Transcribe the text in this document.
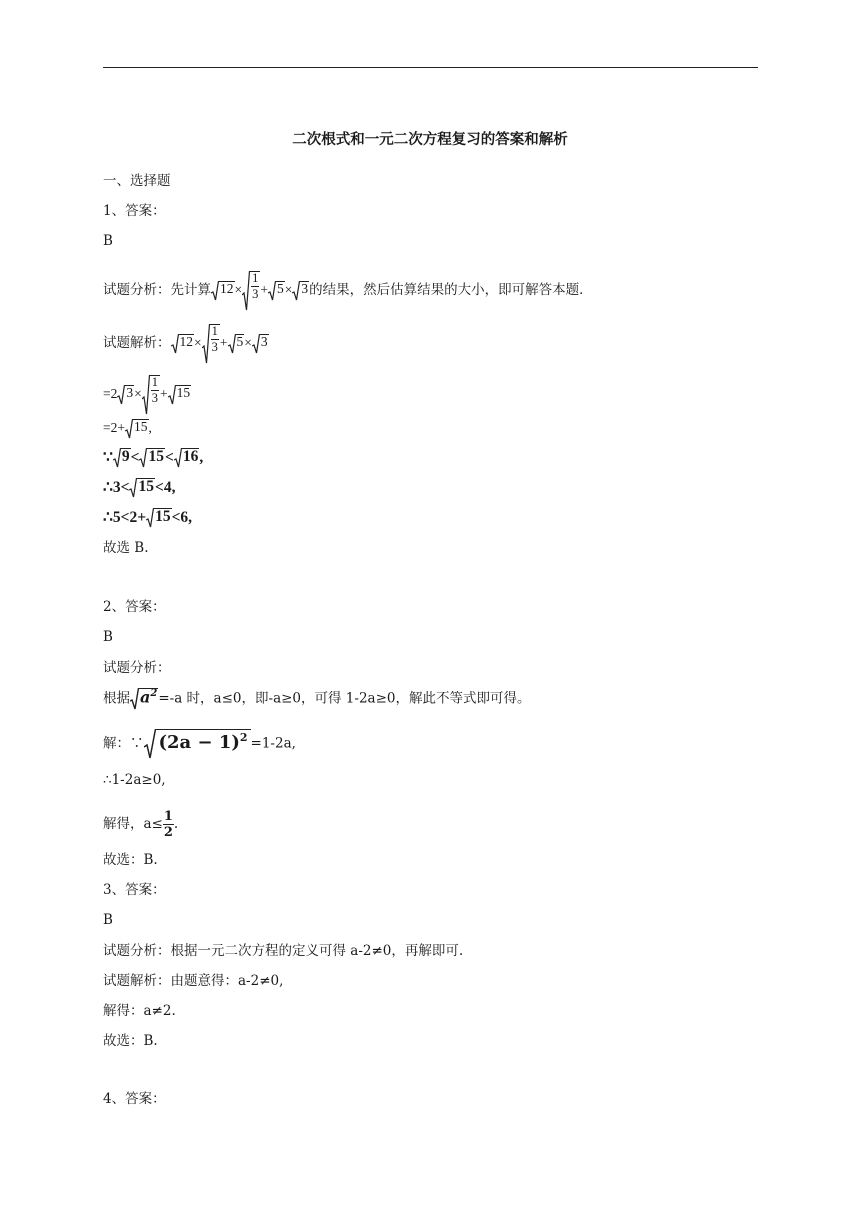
二次根式和一元二次方程复习的答案和解析
一、选择题
1、答案：
B
试题分析：先计算 $12 \times \frac{1}{3} + 5 \times 3$ 的结果，然后估算结果的大小，即可解答本题．
试题解析： $12 \times \frac{1}{3} + 5 \times 3$
=2 $3 \times \frac{1}{3} + 15$
=2+ 15 ,
∵ 9 < 15 < 16 ,
∴3< 15 <4,
∴5<2+ 15 <6,
故选 B.
2、答案：
B
试题分析：
根据 $a^2 =-a$ 时，a≤0，即-a≥0，可得 1-2a≥0，解此不等式即可得。
解：∵ $(2a - 1)^2 =1-2a$,
∴1-2a≥0,
解得，$a\le \frac{1}{2}$ .
故选：B.
3、答案：
B
试题分析：根据一元二次方程的定义可得 a-2≠0，再解即可.
试题解析：由题意得：a-2≠0,
解得：a≠2.
故选：B.
4、答案：
